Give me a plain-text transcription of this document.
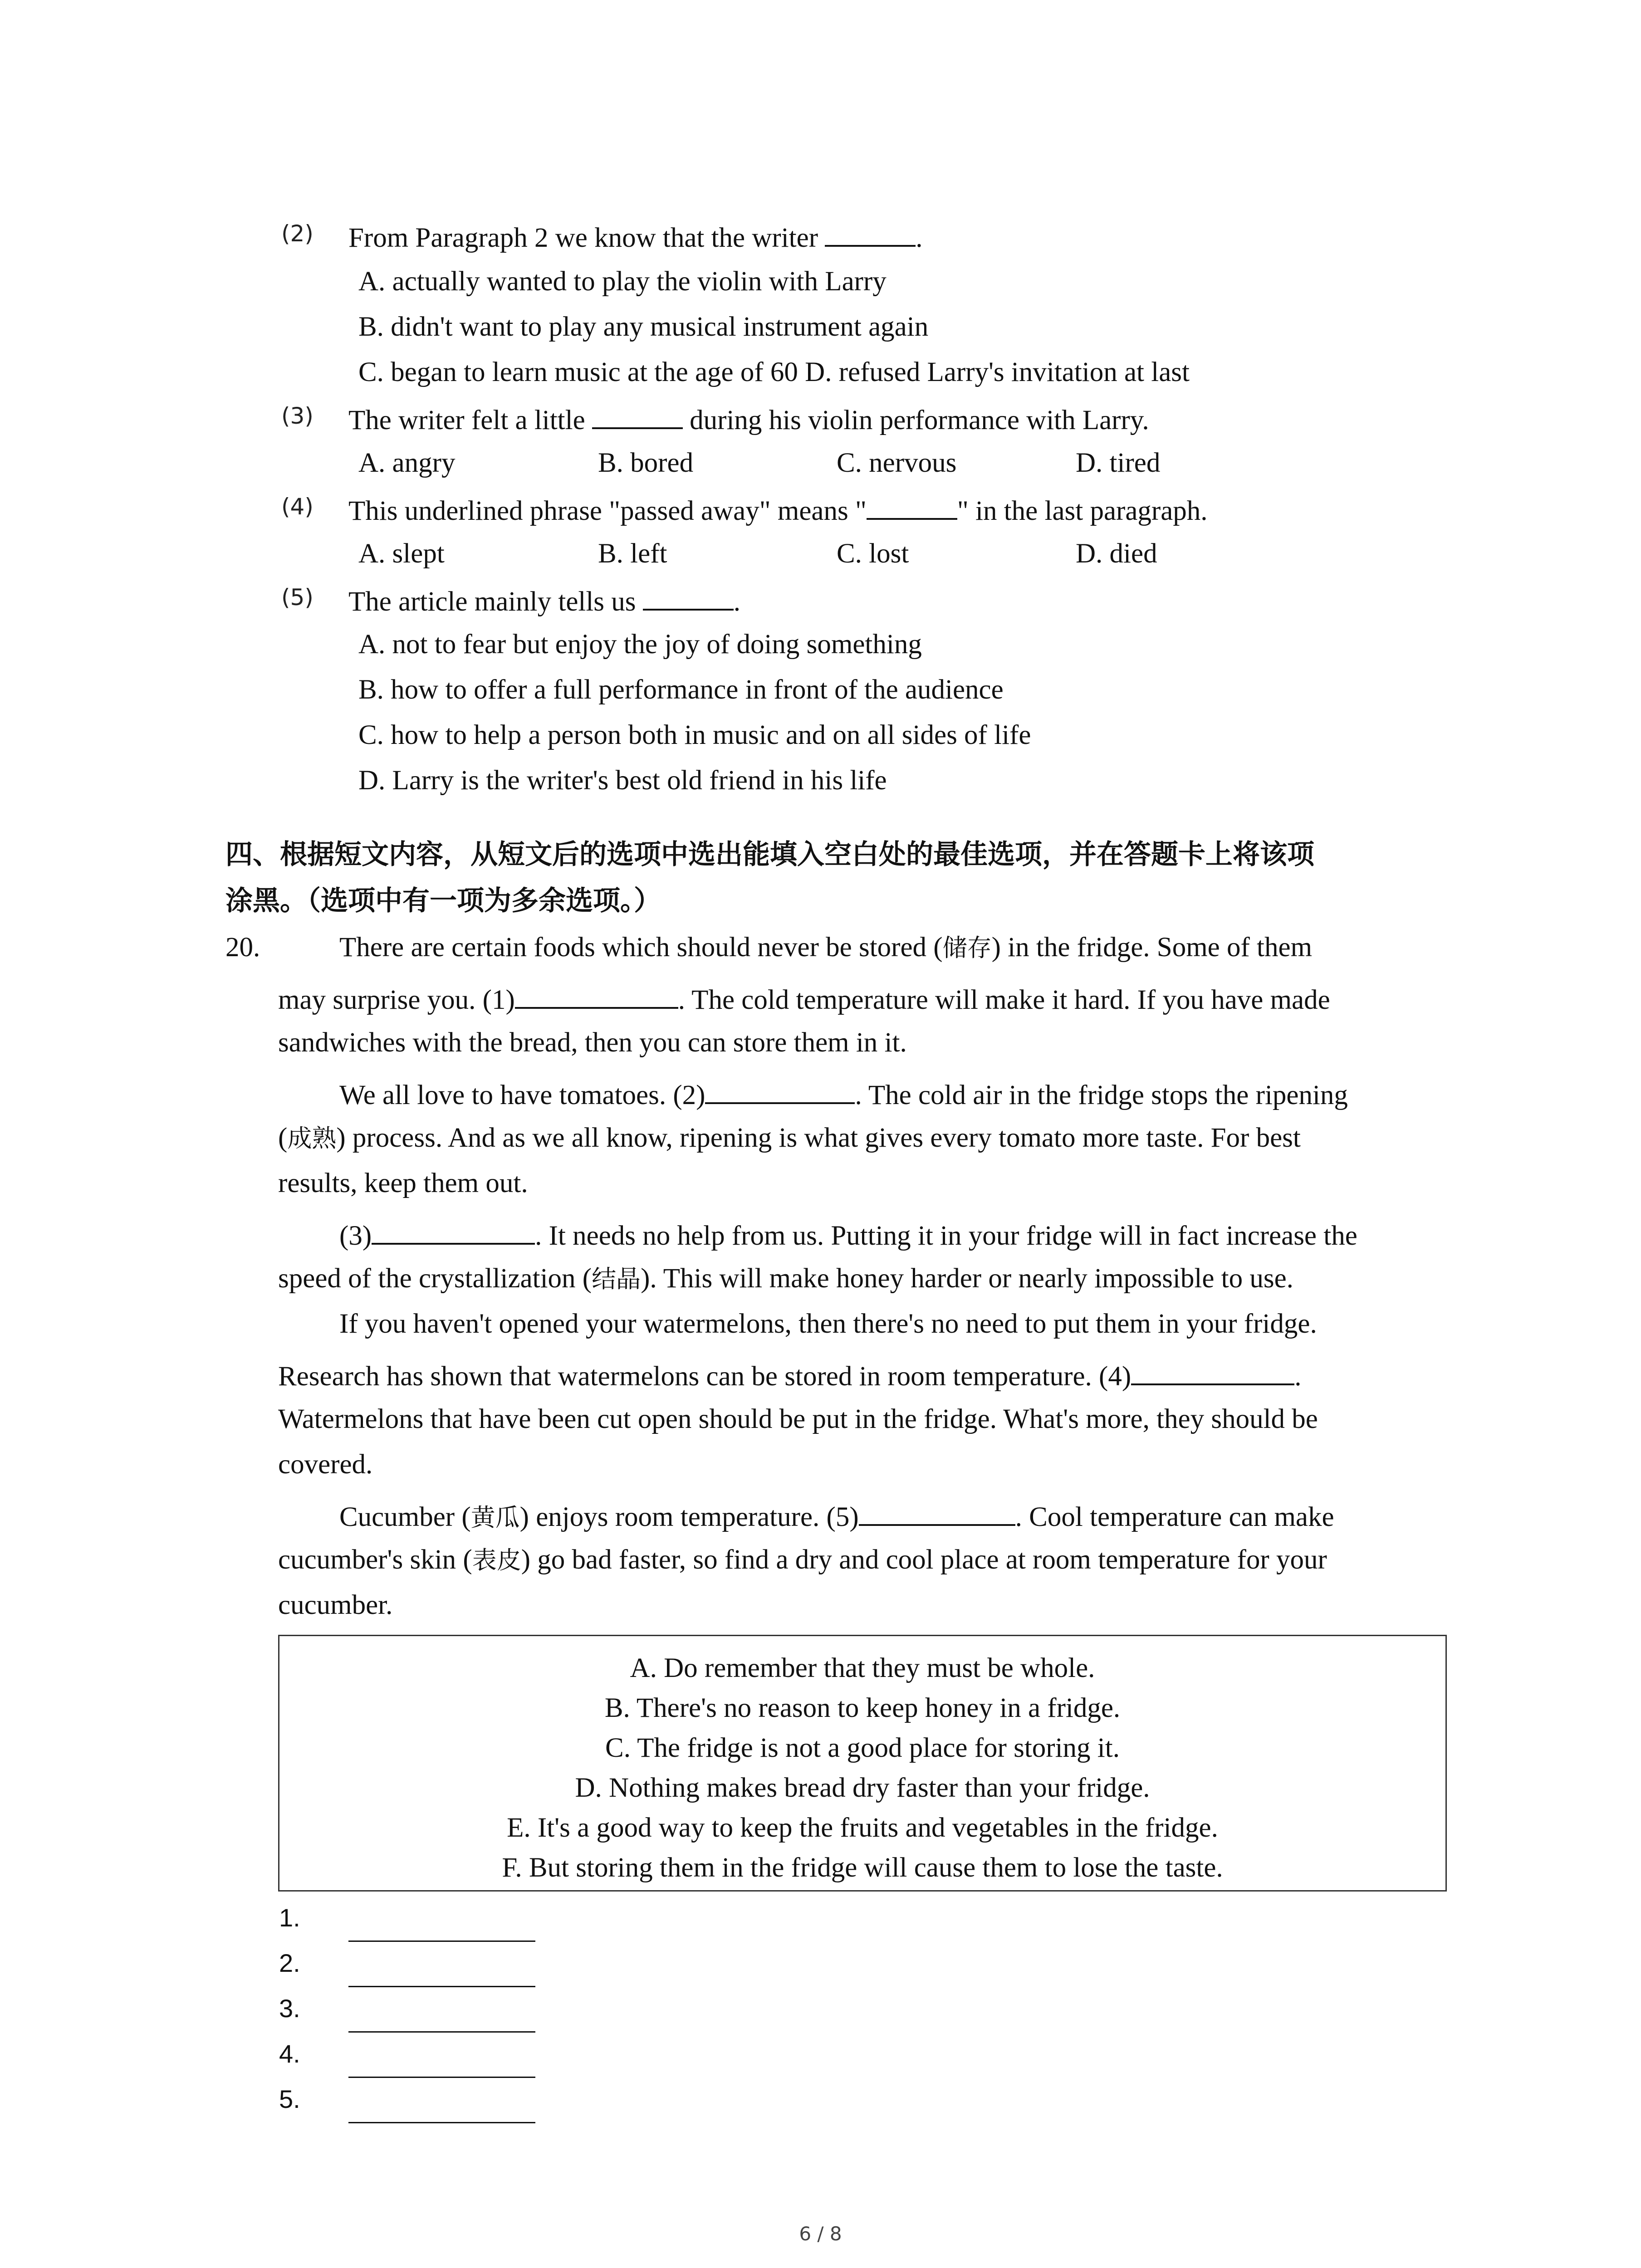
(2) From Paragraph 2 we know that the writer	.
A. actually wanted to play the violin with Larry
B. didn't want to play any musical instrument again
C. began to learn music at the age of 60 D. refused Larry's invitation at last
(3) The writer felt a little	during his violin performance with Larry.
A. angry	B. bored	C. nervous	D. tired
(4) This underlined phrase "passed away" means "	" in the last paragraph.
A. slept	B. left	C. lost	D. died
(5) The article mainly tells us	.
A. not to fear but enjoy the joy of doing something
B. how to offer a full performance in front of the audience
C. how to help a person both in music and on all sides of life
D. Larry is the writer's best old friend in his life
四、根据短文内容，从短文后的选项中选出能填入空白处的最佳选项，并在答题卡上将该项
涂黑。（选项中有一项为多余选项。）
20.	There are certain foods which should never be stored (储存) in the fridge. Some of them
may surprise you. (1)	. The cold temperature will make it hard. If you have made
sandwiches with the bread, then you can store them in it.
We all love to have tomatoes. (2)	. The cold air in the fridge stops the ripening
(成熟) process. And as we all know, ripening is what gives every tomato more taste. For best
results, keep them out.
(3)	. It needs no help from us. Putting it in your fridge will in fact increase the
speed of the crystallization (结晶). This will make honey harder or nearly impossible to use.
If you haven't opened your watermelons, then there's no need to put them in your fridge.
Research has shown that watermelons can be stored in room temperature. (4)	.
Watermelons that have been cut open should be put in the fridge. What's more, they should be
covered.
Cucumber (黄瓜) enjoys room temperature. (5)	. Cool temperature can make
cucumber's skin (表皮) go bad faster, so find a dry and cool place at room temperature for your
cucumber.
A. Do remember that they must be whole.
B. There's no reason to keep honey in a fridge.
C. The fridge is not a good place for storing it.
D. Nothing makes bread dry faster than your fridge.
E. It's a good way to keep the fruits and vegetables in the fridge.
F. But storing them in the fridge will cause them to lose the taste.
1.
2.
3.
4.
5.
6 / 8
